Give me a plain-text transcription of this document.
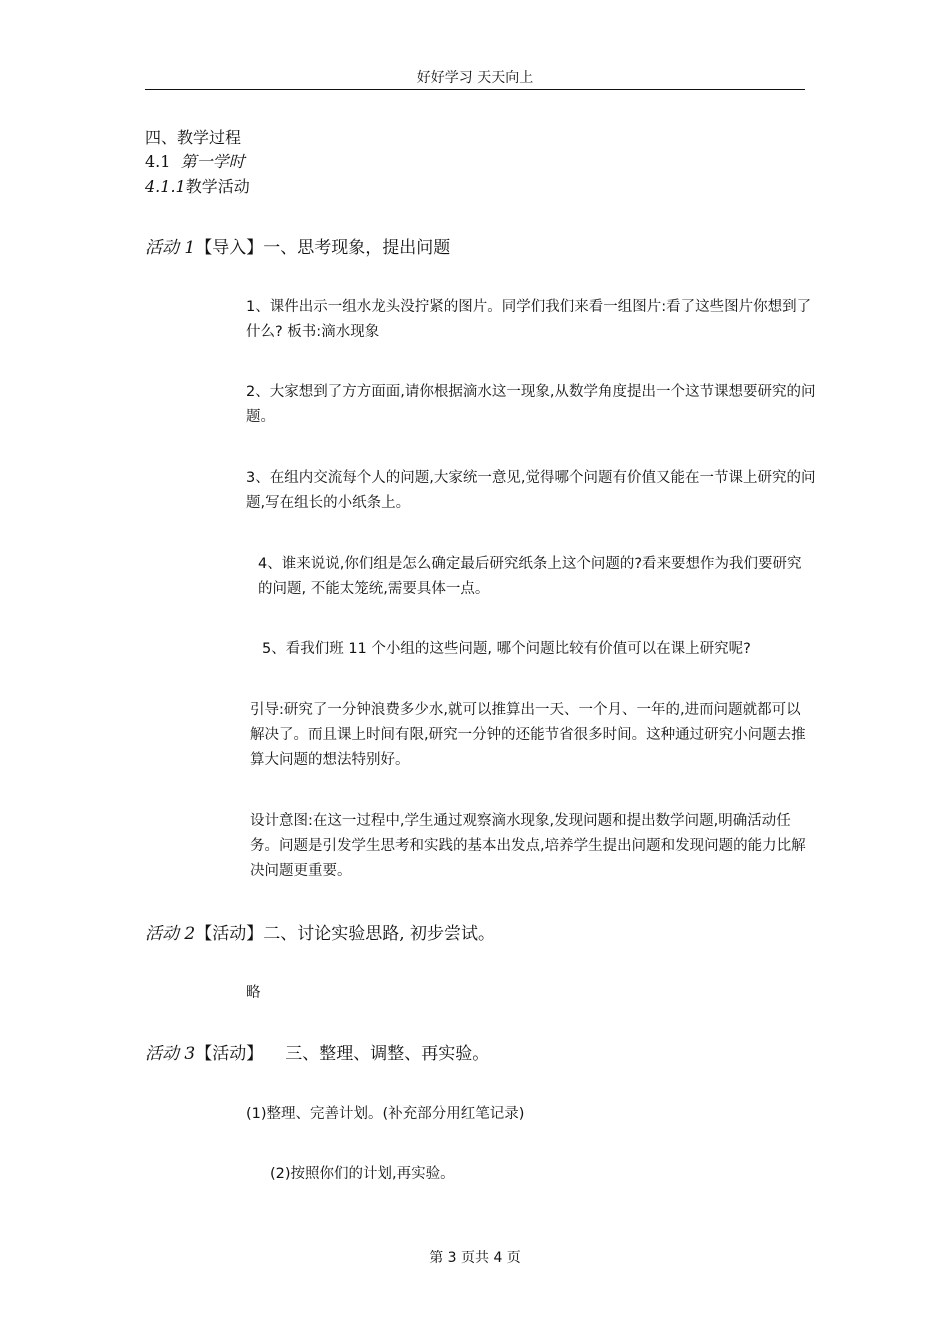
好好学习 天天向上
四、教学过程
4.1 第一学时
4.1.1教学活动
活动 1【导入】一、思考现象，提出问题
1、课件出示一组水龙头没拧紧的图片。同学们我们来看一组图片:看了这些图片你想到了什么? 板书:滴水现象
2、大家想到了方方面面,请你根据滴水这一现象,从数学角度提出一个这节课想要研究的问题。
3、在组内交流每个人的问题,大家统一意见,觉得哪个问题有价值又能在一节课上研究的问题,写在组长的小纸条上。
4、谁来说说,你们组是怎么确定最后研究纸条上这个问题的?看来要想作为我们要研究的问题, 不能太笼统,需要具体一点。
5、看我们班 11 个小组的这些问题, 哪个问题比较有价值可以在课上研究呢?
引导:研究了一分钟浪费多少水,就可以推算出一天、一个月、一年的,进而问题就都可以解决了。而且课上时间有限,研究一分钟的还能节省很多时间。这种通过研究小问题去推算大问题的想法特别好。
设计意图:在这一过程中,学生通过观察滴水现象,发现问题和提出数学问题,明确活动任务。问题是引发学生思考和实践的基本出发点,培养学生提出问题和发现问题的能力比解决问题更重要。
活动 2【活动】二、讨论实验思路, 初步尝试。
略
活动 3【活动】 三、整理、调整、再实验。
(1)整理、完善计划。(补充部分用红笔记录)
(2)按照你们的计划,再实验。
第 3 页共 4 页
